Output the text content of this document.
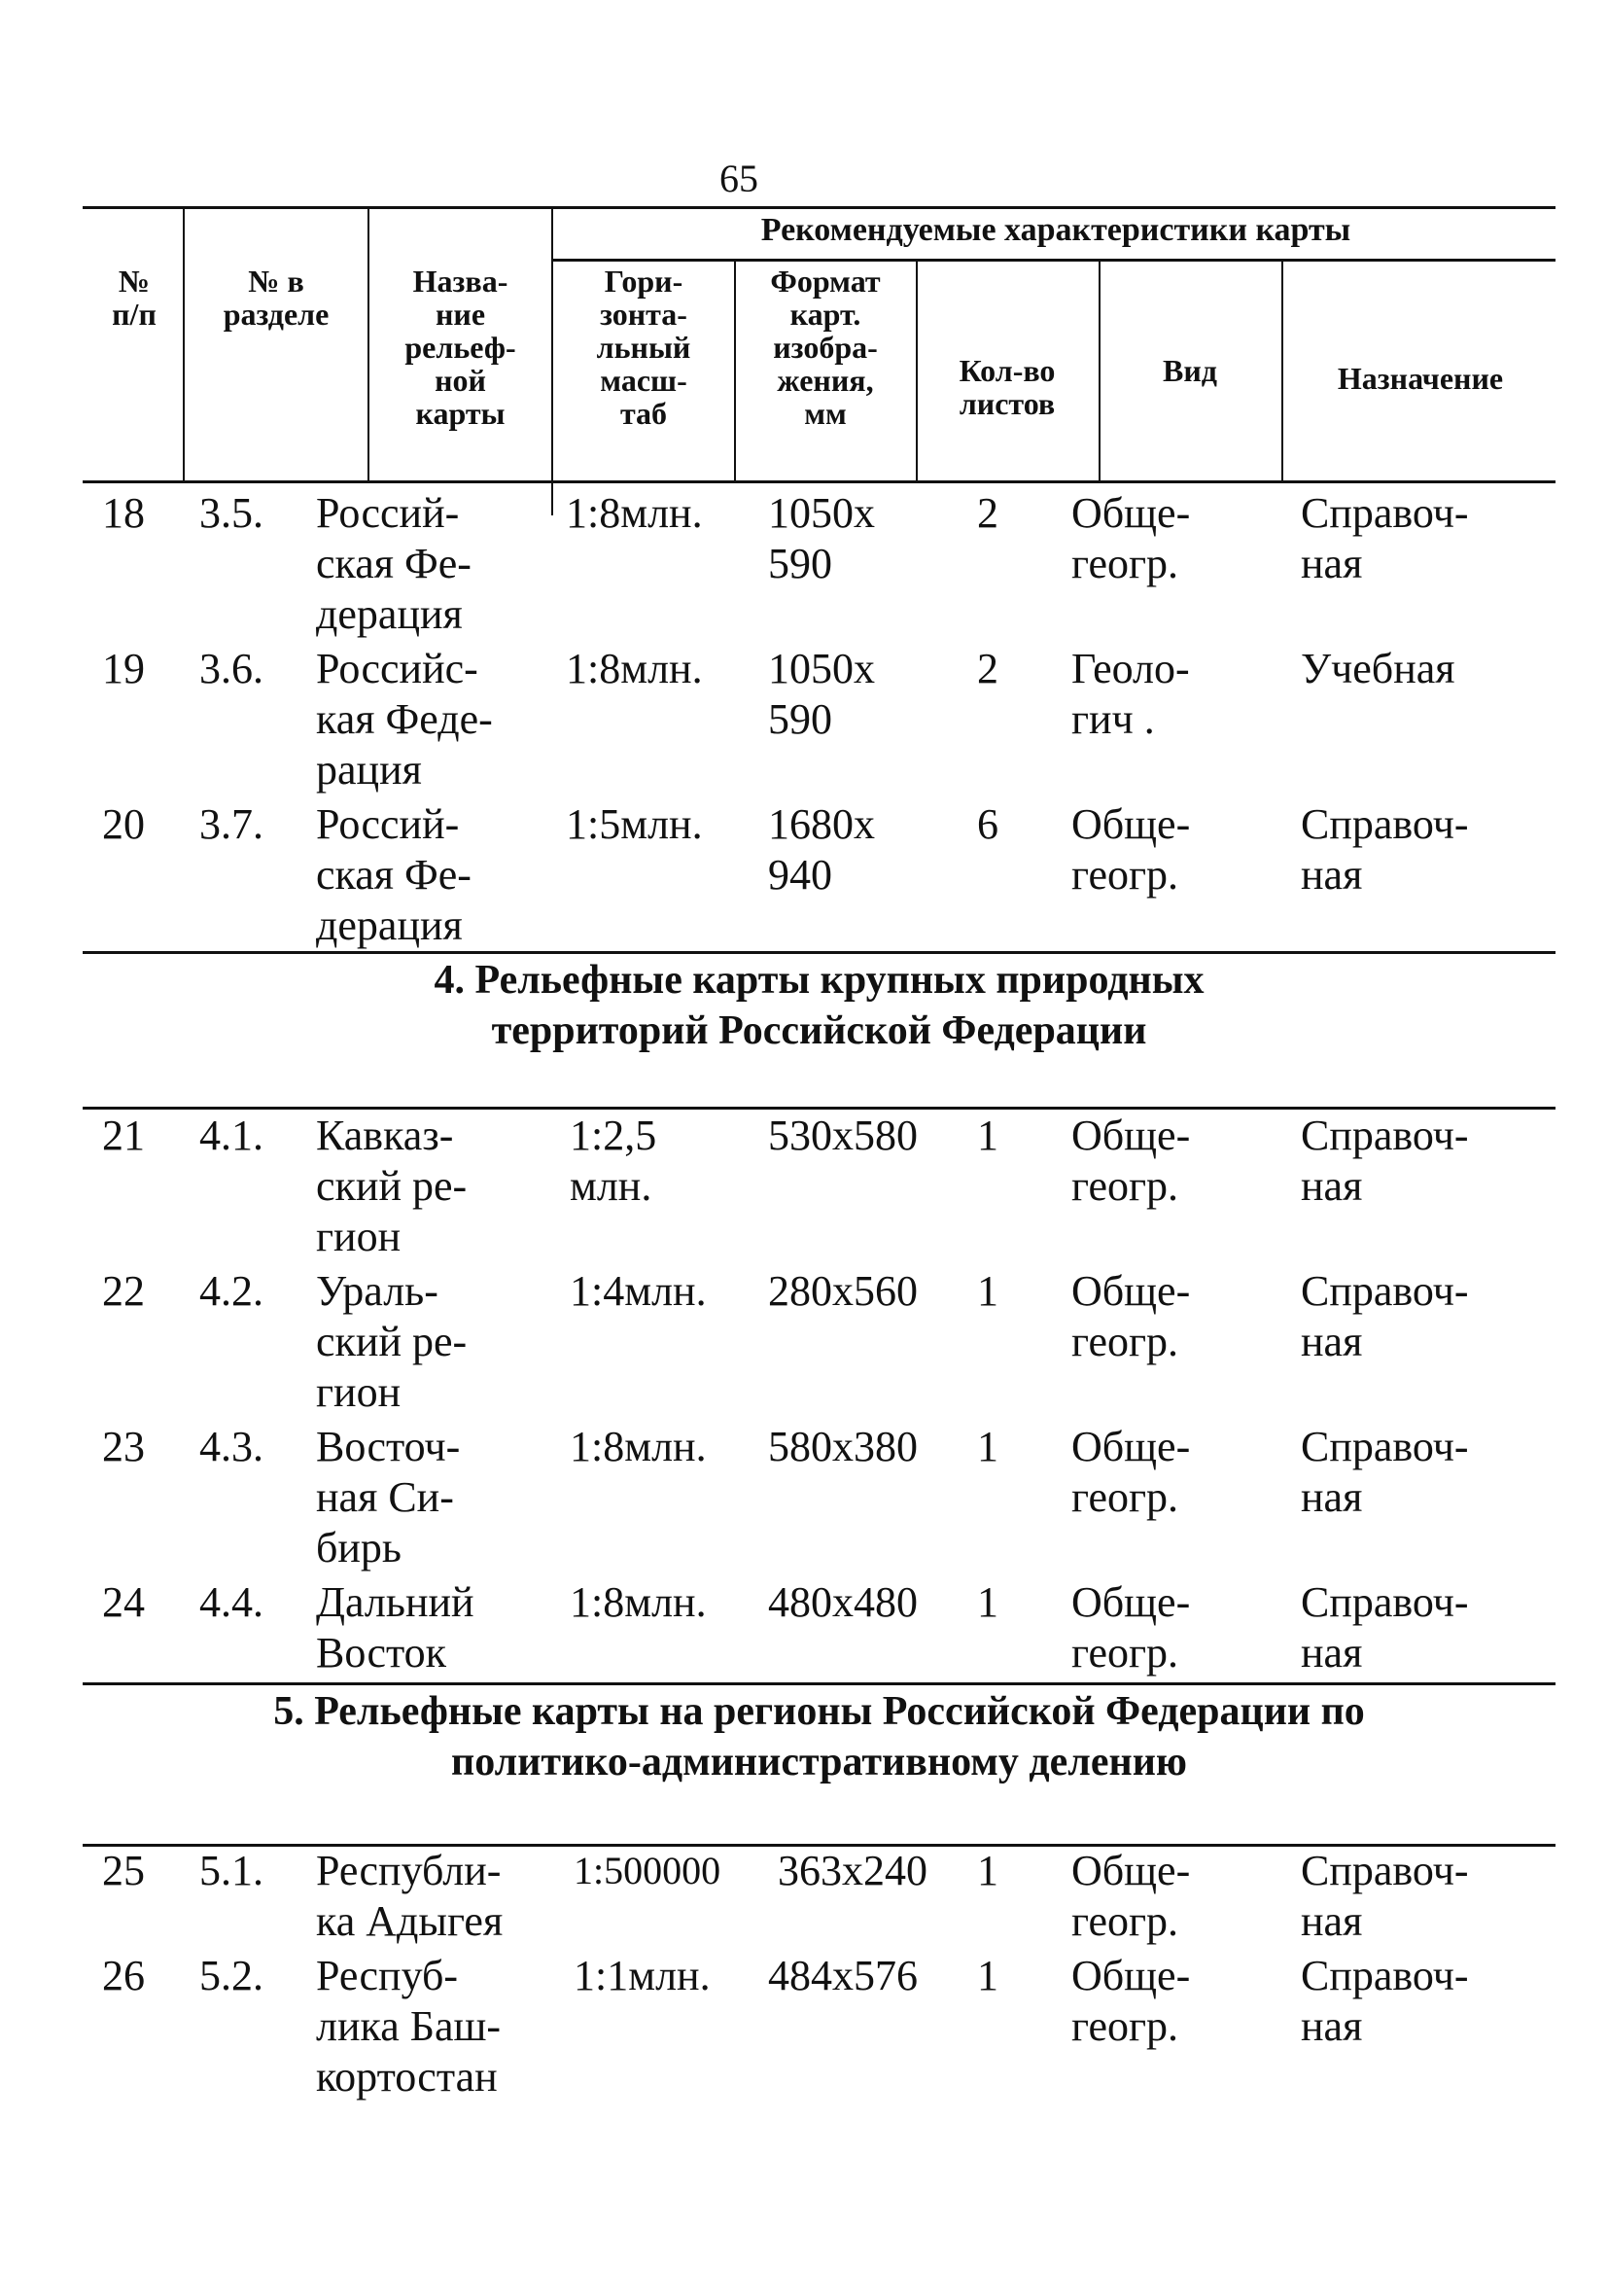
65
№
п/п
№ в
разделе
Назва-
ние
рельеф-
ной
карты
Рекомендуемые характеристики карты
Гори-
зонта-
льный
масш-
таб
Формат
карт.
изобра-
жения,
мм
Кол-во
листов
Вид	Назначение
18 3.5. Россий-
ская Фе-
дерация
1:8млн. 1050х
590
2 Обще-
геогр.
Справоч-
ная
19 3.6. Российс-
кая Феде-
рация
1:8млн. 1050х
590
2 Геоло-
гич .
Учебная
20 3.7. Россий-
ская Фе-
дерация
1:5млн. 1680х
940
6 Обще-
геогр.
Справоч-
ная
4. Рельефные карты крупных природных
территорий Российской Федерации
21 4.1. Кавказ-
ский ре-
гион
1:2,5
млн.
530х580 1 Обще-
геогр.
Справоч-
ная
22 4.2. Ураль-
ский ре-
гион
1:4млн. 280х560 1 Обще-
геогр.
Справоч-
ная
23 4.3. Восточ-
ная Си-
бирь
1:8млн. 580х380 1 Обще-
геогр.
Справоч-
ная
24 4.4. Дальний
Восток
1:8млн. 480х480 1 Обще-
геогр.
Справоч-
ная
5. Рельефные карты на регионы Российской Федерации по
политико-административному делению
25 5.1. Республи-
ка Адыгея
1:500000 363х240 1 Обще-
геогр.
Справоч-
ная
26 5.2. Респуб-
лика Баш-
кортостан
1:1млн. 484х576 1 Обще-
геогр.
Справоч-
ная
